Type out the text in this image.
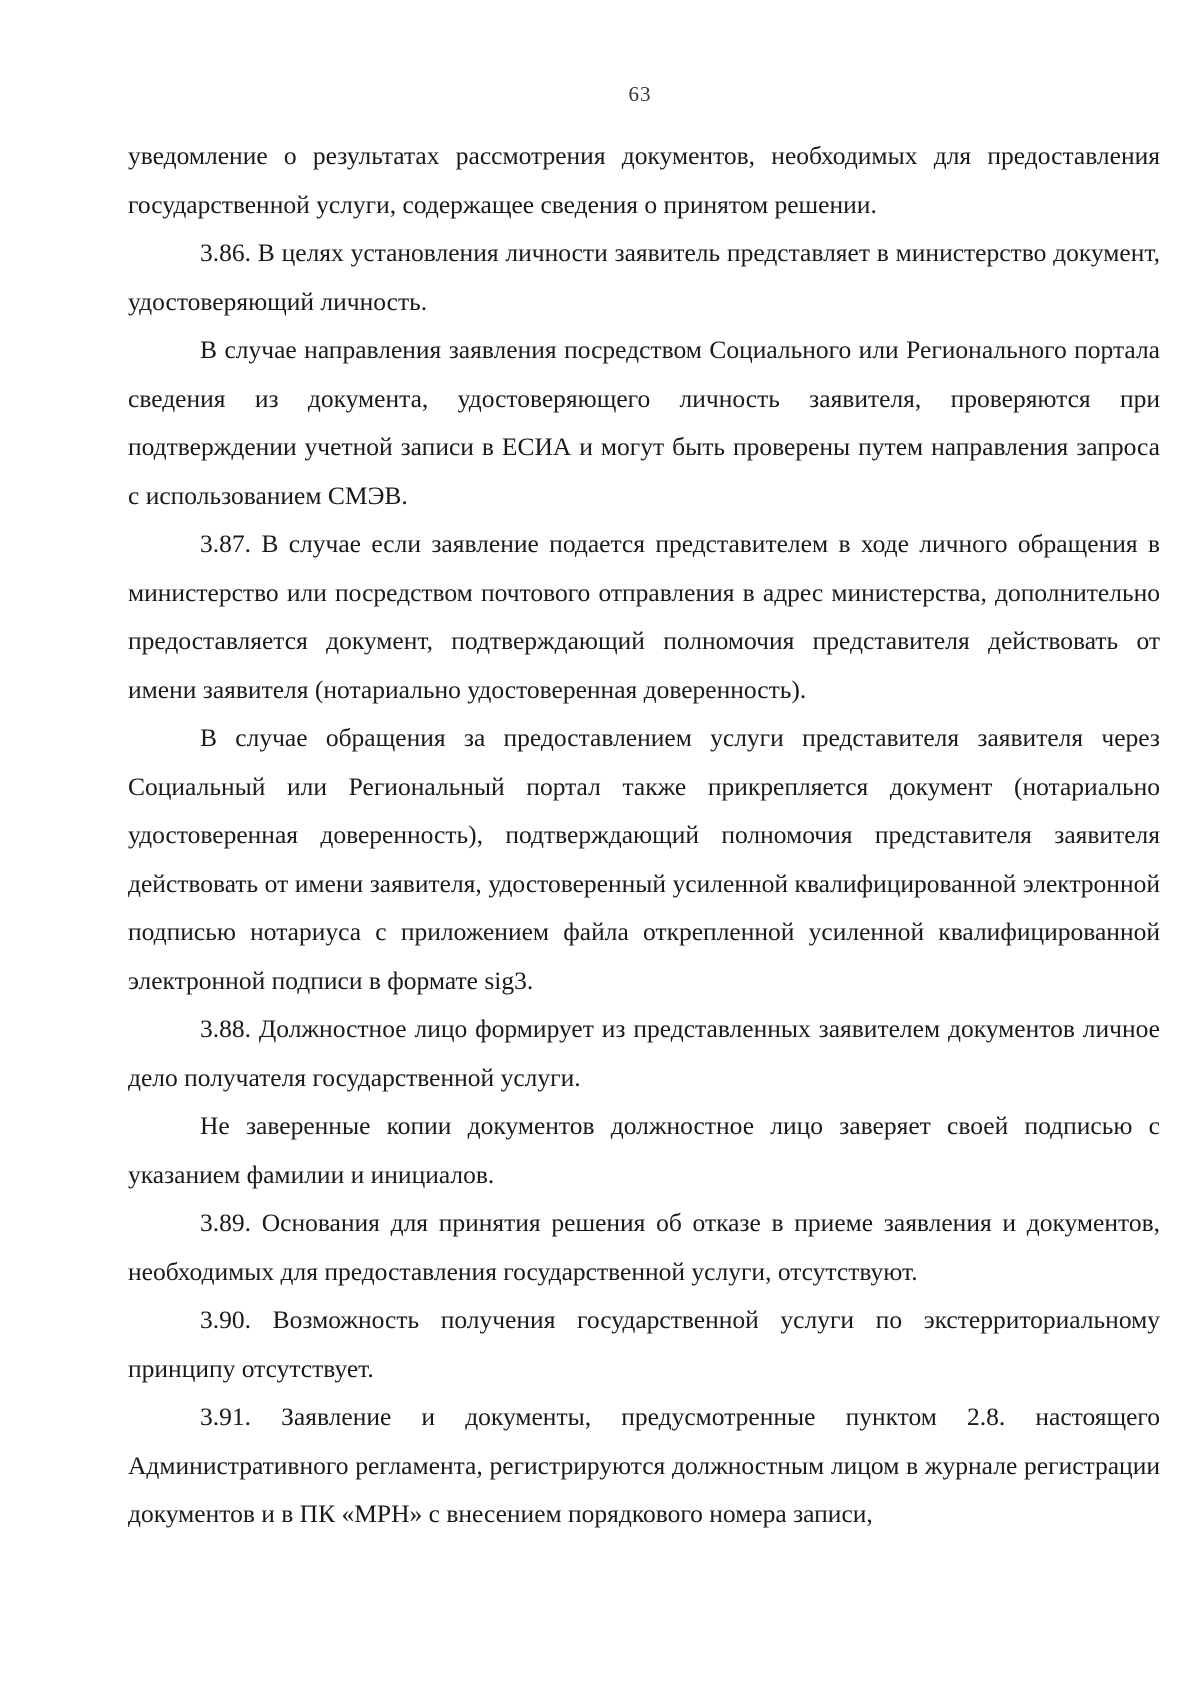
63

уведомление о результатах рассмотрения документов, необходимых для предоставления государственной услуги, содержащее сведения о принятом решении.

3.86. В целях установления личности заявитель представляет в министерство документ, удостоверяющий личность.

В случае направления заявления посредством Социального или Регионального портала сведения из документа, удостоверяющего личность заявителя, проверяются при подтверждении учетной записи в ЕСИА и могут быть проверены путем направления запроса с использованием СМЭВ.

3.87. В случае если заявление подается представителем в ходе личного обращения в министерство или посредством почтового отправления в адрес министерства, дополнительно предоставляется документ, подтверждающий полномочия представителя действовать от имени заявителя (нотариально удостоверенная доверенность).

В случае обращения за предоставлением услуги представителя заявителя через Социальный или Региональный портал также прикрепляется документ (нотариально удостоверенная доверенность), подтверждающий полномочия представителя заявителя действовать от имени заявителя, удостоверенный усиленной квалифицированной электронной подписью нотариуса с приложением файла открепленной усиленной квалифицированной электронной подписи в формате sig3.

3.88. Должностное лицо формирует из представленных заявителем документов личное дело получателя государственной услуги.

Не заверенные копии документов должностное лицо заверяет своей подписью с указанием фамилии и инициалов.

3.89. Основания для принятия решения об отказе в приеме заявления и документов, необходимых для предоставления государственной услуги, отсутствуют.

3.90. Возможность получения государственной услуги по экстерриториальному принципу отсутствует.

3.91. Заявление и документы, предусмотренные пунктом 2.8. настоящего Административного регламента, регистрируются должностным лицом в журнале регистрации документов и в ПК «МРН» с внесением порядкового номера записи,
